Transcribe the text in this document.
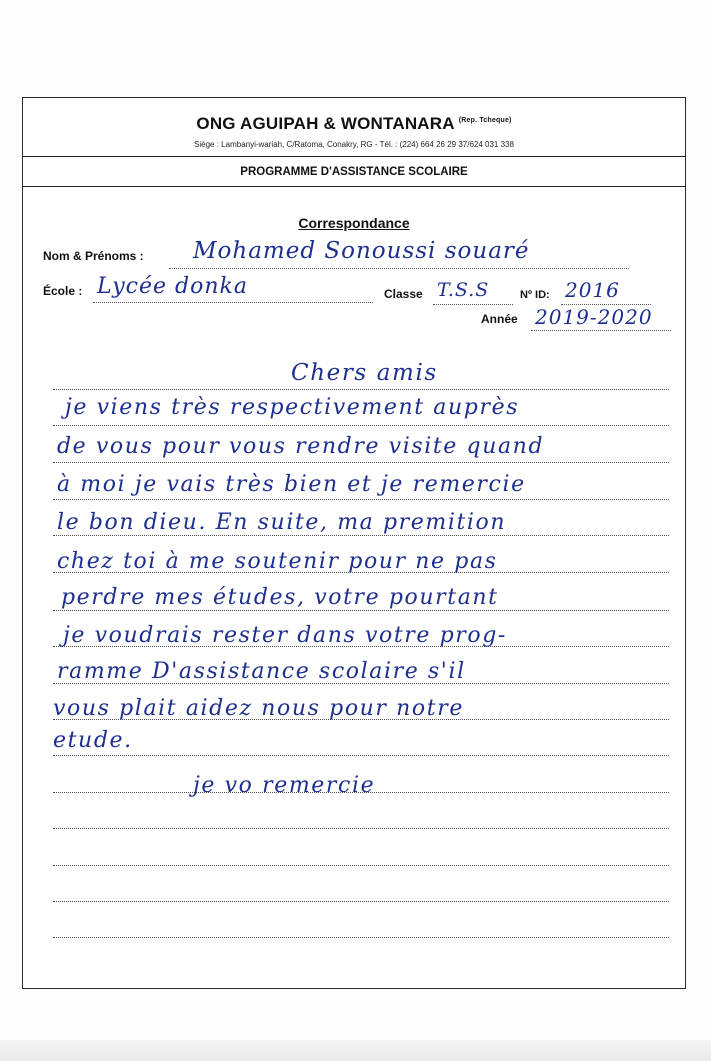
ONG AGUIPAH & WONTANARA $^{(Rep. Tcheque)}$
Siège : Lambanyi-wariah, C/Ratoma, Conakry, RG - Tél. : (224) 664 26 29 37/624 031 338
PROGRAMME D'ASSISTANCE SCOLAIRE
Correspondance
Nom & Prénoms : Mohamed Sonoussi souaré
École : Lycée donka	Classe T.S.S	Nº ID: 2016
Année 2019-2020
Chers amis
je viens très respectivement auprès
de vous pour vous rendre visite quand
à moi je vais très bien et je remercie
le bon dieu. En suite, ma premition
chez toi à me soutenir pour ne pas
perdre mes études, votre pourtant
je voudrais rester dans votre prog-
ramme D'assistance scolaire s'il
vous plait aidez nous pour notre
etude.
je vo remercie
